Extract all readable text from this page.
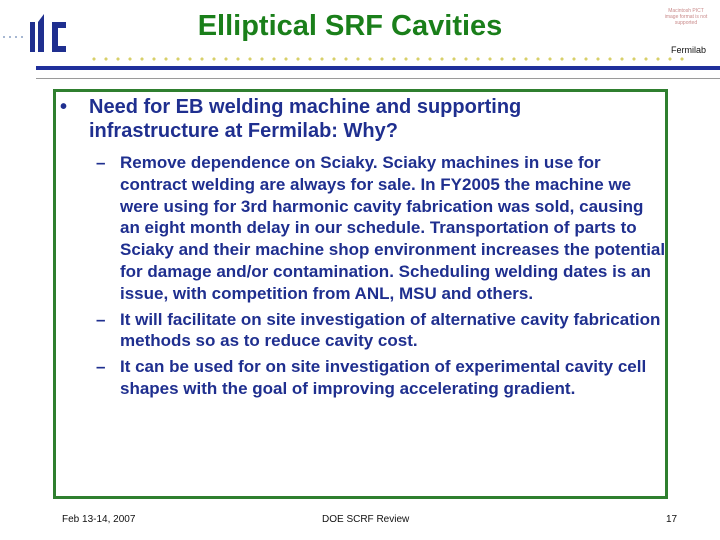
Elliptical SRF Cavities	Macintosh PICT image format is not supported
Fermilab
• Need for EB welding machine and supporting infrastructure at Fermilab: Why?
– Remove dependence on Sciaky. Sciaky machines in use for contract welding are always for sale. In FY2005 the machine we were using for 3rd harmonic cavity fabrication was sold, causing an eight month delay in our schedule. Transportation of parts to Sciaky and their machine shop environment increases the potential for damage and/or contamination. Scheduling welding dates is an issue, with competition from ANL, MSU and others.
– It will facilitate on site investigation of alternative cavity fabrication methods so as to reduce cavity cost.
– It can be used for on site investigation of experimental cavity cell shapes with the goal of improving accelerating gradient.
Feb 13-14, 2007	DOE SCRF Review	17
